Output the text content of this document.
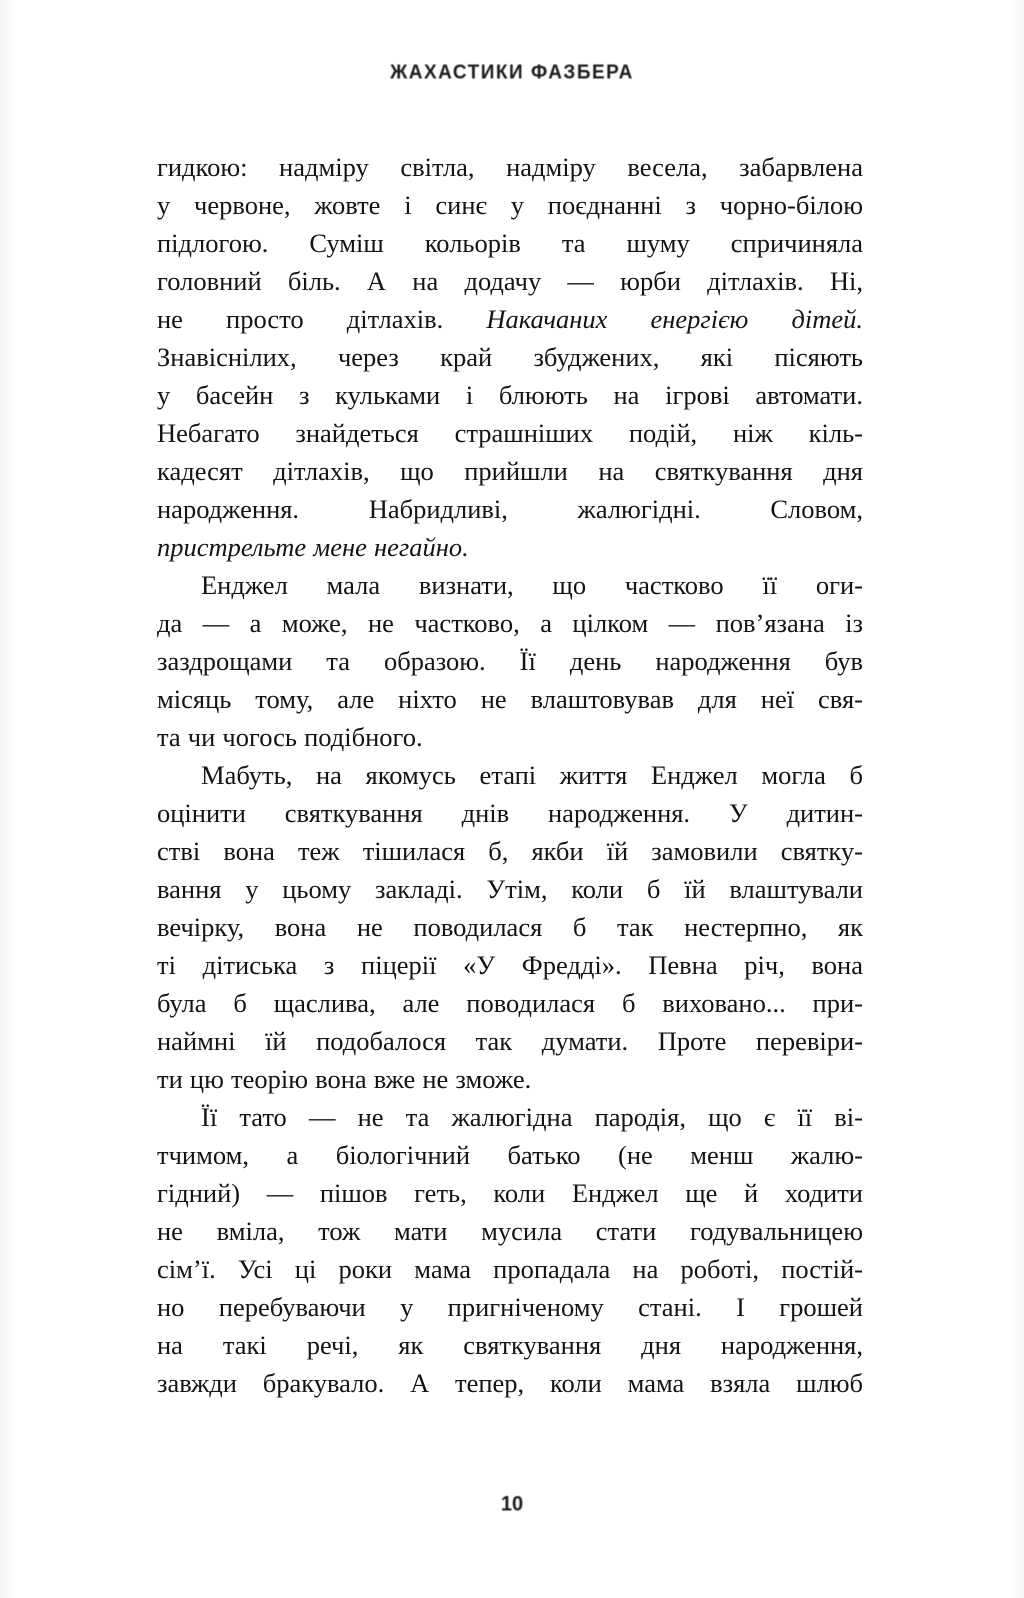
ЖАХАСТИКИ ФАЗБЕРА
гидкою: надміру світла, надміру весела, забарвлена
у червоне, жовте і синє у поєднанні з чорно-білою
підлогою. Суміш кольорів та шуму спричиняла
головний біль. А на додачу — юрби дітлахів. Ні,
не просто дітлахів. Накачаних енергією дітей.
Знавіснілих, через край збуджених, які пісяють
у басейн з кульками і блюють на ігрові автомати.
Небагато знайдеться страшніших подій, ніж кіль-
кадесят дітлахів, що прийшли на святкування дня
народження. Набридливі, жалюгідні. Словом,
пристрельте мене негайно.
Енджел мала визнати, що частково її оги-
да — а може, не частково, а цілком — пов’язана із
заздрощами та образою. Її день народження був
місяць тому, але ніхто не влаштовував для неї свя-
та чи чогось подібного.
Мабуть, на якомусь етапі життя Енджел могла б
оцінити святкування днів народження. У дитин-
стві вона теж тішилася б, якби їй замовили святку-
вання у цьому закладі. Утім, коли б їй влаштували
вечірку, вона не поводилася б так нестерпно, як
ті дітиська з піцерії «У Фредді». Певна річ, вона
була б щаслива, але поводилася б виховано... при-
наймні їй подобалося так думати. Проте перевіри-
ти цю теорію вона вже не зможе.
Її тато — не та жалюгідна пародія, що є її ві-
тчимом, а біологічний батько (не менш жалю-
гідний) — пішов геть, коли Енджел ще й ходити
не вміла, тож мати мусила стати годувальницею
сім’ї. Усі ці роки мама пропадала на роботі, постій-
но перебуваючи у пригніченому стані. І грошей
на такі речі, як святкування дня народження,
завжди бракувало. А тепер, коли мама взяла шлюб
10
